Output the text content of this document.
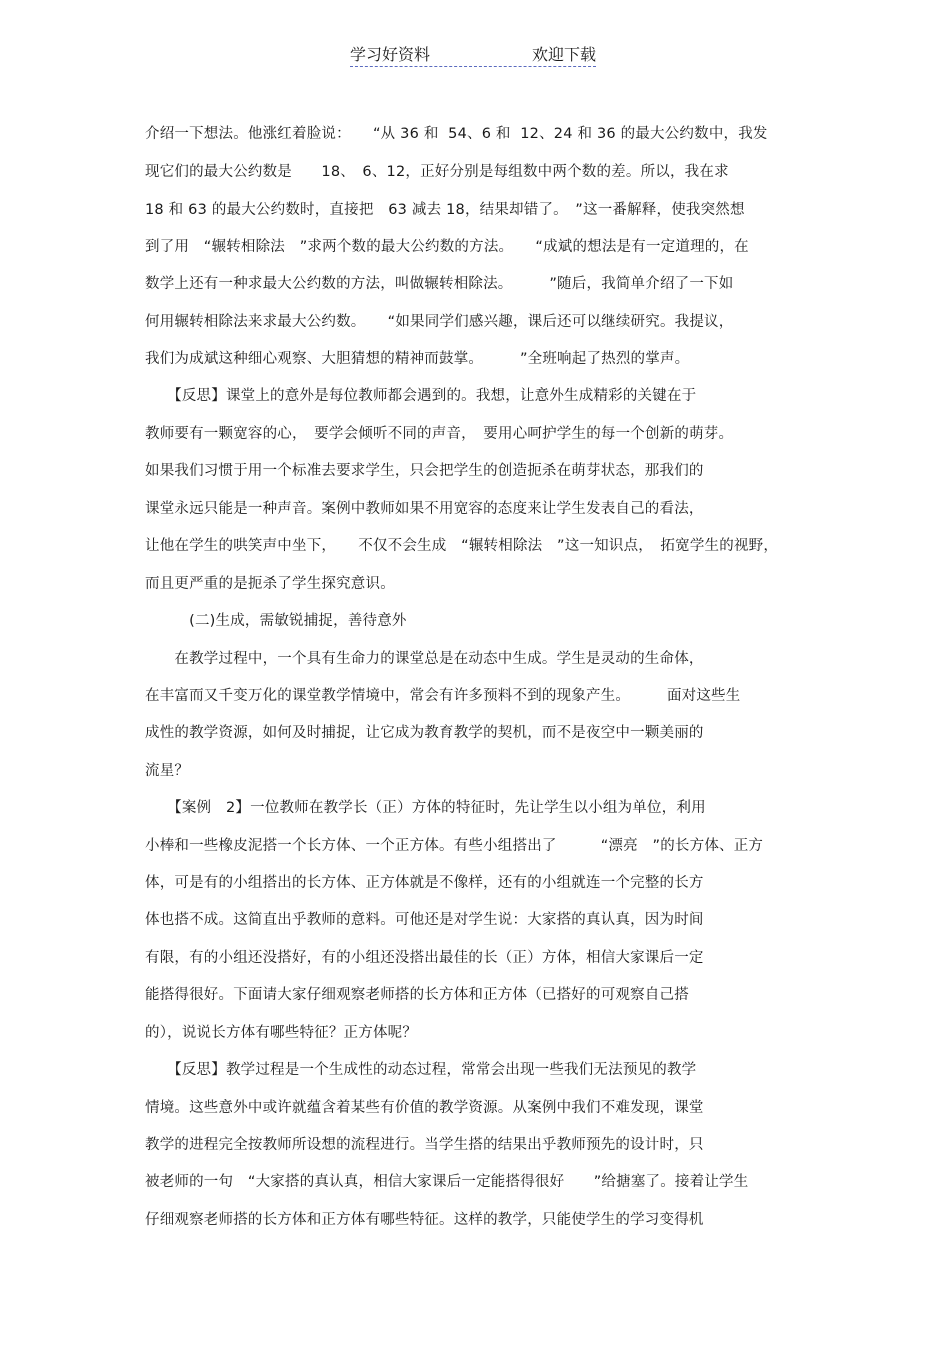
学习好资料	欢迎下载
介绍一下想法。他涨红着脸说：　　“从 36 和  54、6 和  12、24 和 36 的最大公约数中，我发
现它们的最大公约数是　　18、　6、12，正好分别是每组数中两个数的差。所以，我在求
18 和 63 的最大公约数时，直接把　63 减去 18，结果却错了。　”这一番解释，使我突然想
到了用　“辗转相除法　”求两个数的最大公约数的方法。　　“成斌的想法是有一定道理的，在
数学上还有一种求最大公约数的方法，叫做辗转相除法。　　　”随后，我简单介绍了一下如
何用辗转相除法来求最大公约数。　　“如果同学们感兴趣，课后还可以继续研究。我提议，
我们为成斌这种细心观察、大胆猜想的精神而鼓掌。　　　”全班响起了热烈的掌声。
　　【反思】课堂上的意外是每位教师都会遇到的。我想，让意外生成精彩的关键在于
教师要有一颗宽容的心，　要学会倾听不同的声音，　要用心呵护学生的每一个创新的萌芽。
如果我们习惯于用一个标准去要求学生，只会把学生的创造扼杀在萌芽状态，那我们的
课堂永远只能是一种声音。案例中教师如果不用宽容的态度来让学生发表自己的看法，
让他在学生的哄笑声中坐下，　　不仅不会生成　“辗转相除法　”这一知识点，　拓宽学生的视野，
而且更严重的是扼杀了学生探究意识。
　　　(二)生成，需敏锐捕捉，善待意外
　　在教学过程中，一个具有生命力的课堂总是在动态中生成。学生是灵动的生命体，
在丰富而又千变万化的课堂教学情境中，常会有许多预料不到的现象产生。　　　面对这些生
成性的教学资源，如何及时捕捉，让它成为教育教学的契机，而不是夜空中一颗美丽的
流星？
　　【案例　2】一位教师在教学长（正）方体的特征时，先让学生以小组为单位，利用
小棒和一些橡皮泥搭一个长方体、一个正方体。有些小组搭出了　　　“漂亮　”的长方体、正方
体，可是有的小组搭出的长方体、正方体就是不像样，还有的小组就连一个完整的长方
体也搭不成。这简直出乎教师的意料。可他还是对学生说：大家搭的真认真，因为时间
有限，有的小组还没搭好，有的小组还没搭出最佳的长（正）方体，相信大家课后一定
能搭得很好。下面请大家仔细观察老师搭的长方体和正方体（已搭好的可观察自己搭
的），说说长方体有哪些特征？正方体呢？
　　【反思】教学过程是一个生成性的动态过程，常常会出现一些我们无法预见的教学
情境。这些意外中或许就蕴含着某些有价值的教学资源。从案例中我们不难发现，课堂
教学的进程完全按教师所设想的流程进行。当学生搭的结果出乎教师预先的设计时，只
被老师的一句　“大家搭的真认真，相信大家课后一定能搭得很好　　”给搪塞了。接着让学生
仔细观察老师搭的长方体和正方体有哪些特征。这样的教学，只能使学生的学习变得机
